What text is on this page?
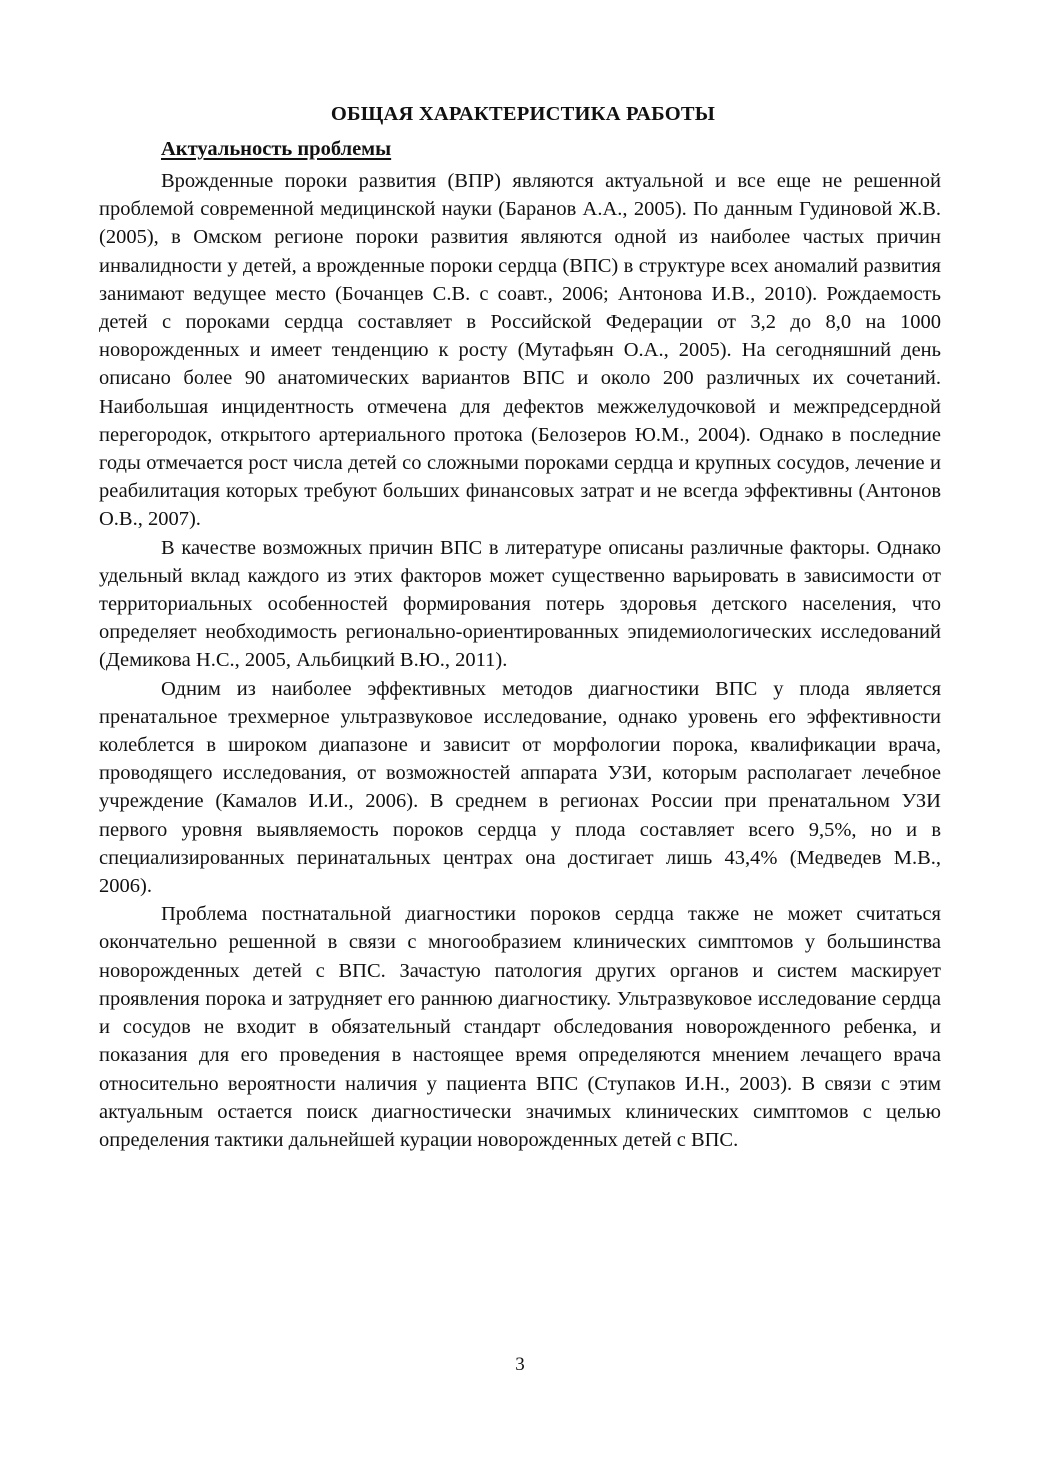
ОБЩАЯ ХАРАКТЕРИСТИКА РАБОТЫ
Актуальность проблемы

Врожденные пороки развития (ВПР) являются актуальной и все еще не решенной проблемой современной медицинской науки (Баранов А.А., 2005). По данным Гудиновой Ж.В. (2005), в Омском регионе пороки развития являются одной из наиболее частых причин инвалидности у детей, а врожденные пороки сердца (ВПС) в структуре всех аномалий развития занимают ведущее место (Бочанцев С.В. с соавт., 2006; Антонова И.В., 2010). Рождаемость детей с пороками сердца составляет в Российской Федерации от 3,2 до 8,0 на 1000 новорожденных и имеет тенденцию к росту (Мутафьян О.А., 2005). На сегодняшний день описано более 90 анатомических вариантов ВПС и около 200 различных их сочетаний. Наибольшая инцидентность отмечена для дефектов межжелудочковой и межпредсердной перегородок, открытого артериального протока (Белозеров Ю.М., 2004). Однако в последние годы отмечается рост числа детей со сложными пороками сердца и крупных сосудов, лечение и реабилитация которых требуют больших финансовых затрат и не всегда эффективны (Антонов О.В., 2007).

В качестве возможных причин ВПС в литературе описаны различные факторы. Однако удельный вклад каждого из этих факторов может существенно варьировать в зависимости от территориальных особенностей формирования потерь здоровья детского населения, что определяет необходимость регионально-ориентированных эпидемиологических исследований (Демикова Н.С., 2005, Альбицкий В.Ю., 2011).

Одним из наиболее эффективных методов диагностики ВПС у плода является пренатальное трехмерное ультразвуковое исследование, однако уровень его эффективности колеблется в широком диапазоне и зависит от морфологии порока, квалификации врача, проводящего исследования, от возможностей аппарата УЗИ, которым располагает лечебное учреждение (Камалов И.И., 2006). В среднем в регионах России при пренатальном УЗИ первого уровня выявляемость пороков сердца у плода составляет всего 9,5%, но и в специализированных перинатальных центрах она достигает лишь 43,4% (Медведев М.В., 2006).

Проблема постнатальной диагностики пороков сердца также не может считаться окончательно решенной в связи с многообразием клинических симптомов у большинства новорожденных детей с ВПС. Зачастую патология других органов и систем маскирует проявления порока и затрудняет его раннюю диагностику. Ультразвуковое исследование сердца и сосудов не входит в обязательный стандарт обследования новорожденного ребенка, и показания для его проведения в настоящее время определяются мнением лечащего врача относительно вероятности наличия у пациента ВПС (Ступаков И.Н., 2003). В связи с этим актуальным остается поиск диагностически значимых клинических симптомов с целью определения тактики дальнейшей курации новорожденных детей с ВПС.

3
